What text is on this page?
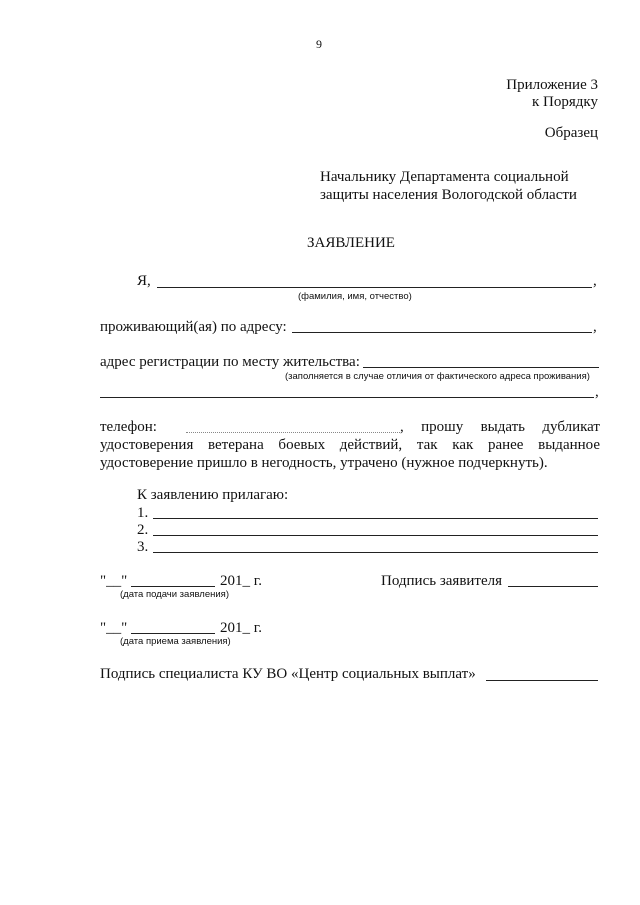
9
Приложение 3
к Порядку
Образец
Начальнику Департамента социальной
защиты населения Вологодской области
ЗАЯВЛЕНИЕ
Я,	,
(фамилия, имя, отчество)
проживающий(ая) по адресу:	,
адрес регистрации по месту жительства:
(заполняется в случае отличия от фактического адреса проживания)
,
телефон:	, прошу выдать дубликат
удостоверения ветерана боевых действий, так как ранее выданное
удостоверение пришло в негодность, утрачено (нужное подчеркнуть).
К заявлению прилагаю:
1.
2.
3.
"__"	201_ г.
(дата подачи заявления)
Подпись заявителя
"__"	201_ г.
(дата приема заявления)
Подпись специалиста КУ ВО «Центр социальных выплат»
